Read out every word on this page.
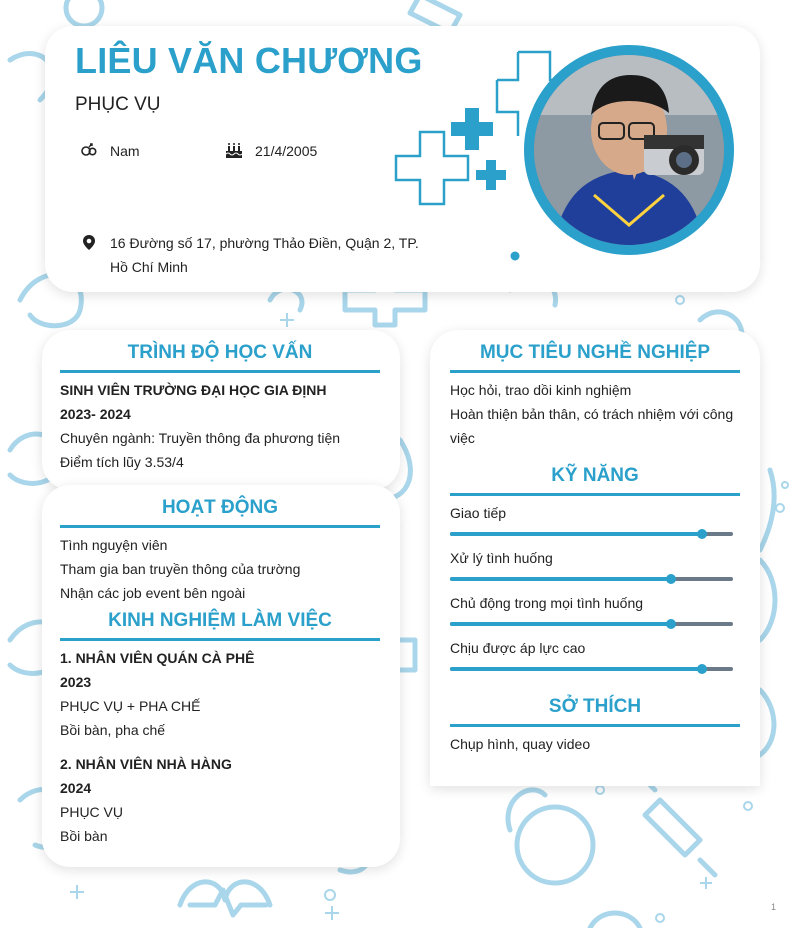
LIÊU VĂN CHƯƠNG
PHỤC VỤ
Nam	21/4/2005
16 Đường số 17, phường Thảo Điền, Quận 2, TP.
Hồ Chí Minh
TRÌNH ĐỘ HỌC VẤN
SINH VIÊN TRƯỜNG ĐẠI HỌC GIA ĐỊNH
2023- 2024
Chuyên ngành: Truyền thông đa phương tiện
Điểm tích lũy 3.53/4
HOẠT ĐỘNG
Tình nguyện viên
Tham gia ban truyền thông của trường
Nhận các job event bên ngoài
KINH NGHIỆM LÀM VIỆC
1. NHÂN VIÊN QUÁN CÀ PHÊ
2023
PHỤC VỤ + PHA CHẾ
Bồi bàn, pha chế
2. NHÂN VIÊN NHÀ HÀNG
2024
PHỤC VỤ
Bồi bàn
MỤC TIÊU NGHỀ NGHIỆP
Học hỏi, trao dồi kinh nghiệm
Hoàn thiện bản thân, có trách nhiệm với công
việc
KỸ NĂNG
Giao tiếp
Xử lý tình huống
Chủ động trong mọi tình huống
Chịu được áp lực cao
SỞ THÍCH
Chụp hình, quay video
1
